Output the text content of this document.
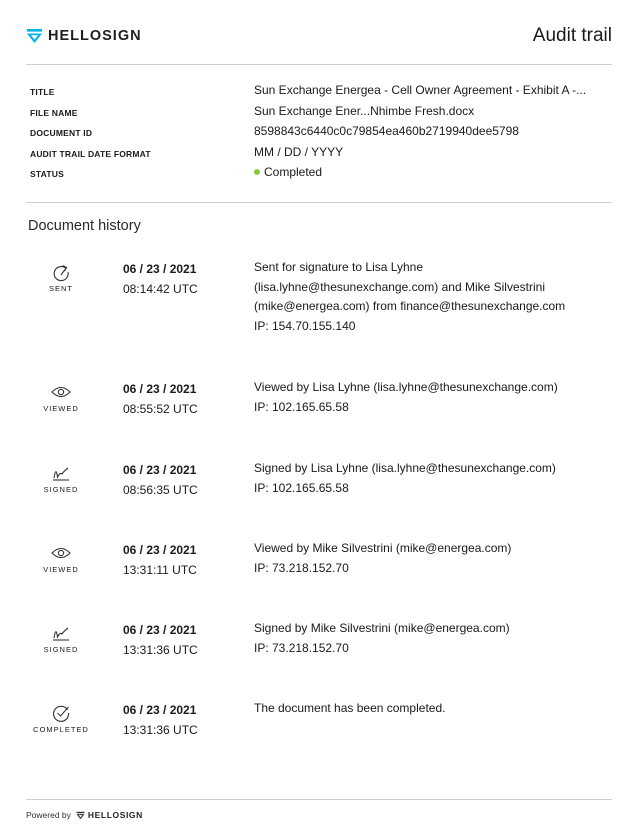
HELLOSIGN	Audit trail
TITLE	Sun Exchange Energea - Cell Owner Agreement - Exhibit A -...
FILE NAME	Sun Exchange Ener...Nhimbe Fresh.docx
DOCUMENT ID	8598843c6440c0c79854ea460b2719940dee5798
AUDIT TRAIL DATE FORMAT	MM / DD / YYYY
STATUS	Completed
Document history
SENT
06 / 23 / 2021
08:14:42 UTC
Sent for signature to Lisa Lyhne
(lisa.lyhne@thesunexchange.com) and Mike Silvestrini
(mike@energea.com) from finance@thesunexchange.com
IP: 154.70.155.140
VIEWED
06 / 23 / 2021
08:55:52 UTC
Viewed by Lisa Lyhne (lisa.lyhne@thesunexchange.com)
IP: 102.165.65.58
SIGNED
06 / 23 / 2021
08:56:35 UTC
Signed by Lisa Lyhne (lisa.lyhne@thesunexchange.com)
IP: 102.165.65.58
VIEWED
06 / 23 / 2021
13:31:11 UTC
Viewed by Mike Silvestrini (mike@energea.com)
IP: 73.218.152.70
SIGNED
06 / 23 / 2021
13:31:36 UTC
Signed by Mike Silvestrini (mike@energea.com)
IP: 73.218.152.70
COMPLETED
06 / 23 / 2021
13:31:36 UTC
The document has been completed.
Powered by HELLOSIGN
